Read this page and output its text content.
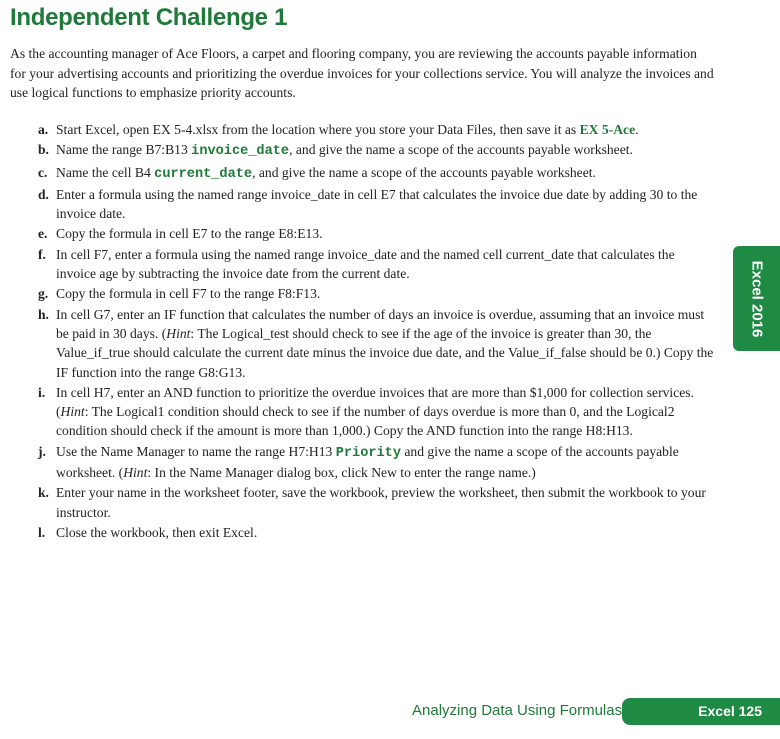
Independent Challenge 1

As the accounting manager of Ace Floors, a carpet and flooring company, you are reviewing the accounts payable information for your advertising accounts and prioritizing the overdue invoices for your collections service. You will analyze the invoices and use logical functions to emphasize priority accounts.

a. Start Excel, open EX 5-4.xlsx from the location where you store your Data Files, then save it as EX 5-Ace.
b. Name the range B7:B13 invoice_date, and give the name a scope of the accounts payable worksheet.
c. Name the cell B4 current_date, and give the name a scope of the accounts payable worksheet.
d. Enter a formula using the named range invoice_date in cell E7 that calculates the invoice due date by adding 30 to the invoice date.
e. Copy the formula in cell E7 to the range E8:E13.
f. In cell F7, enter a formula using the named range invoice_date and the named cell current_date that calculates the invoice age by subtracting the invoice date from the current date.
g. Copy the formula in cell F7 to the range F8:F13.
h. In cell G7, enter an IF function that calculates the number of days an invoice is overdue, assuming that an invoice must be paid in 30 days. (Hint: The Logical_test should check to see if the age of the invoice is greater than 30, the Value_if_true should calculate the current date minus the invoice due date, and the Value_if_false should be 0.) Copy the IF function into the range G8:G13.
i. In cell H7, enter an AND function to prioritize the overdue invoices that are more than $1,000 for collection services. (Hint: The Logical1 condition should check to see if the number of days overdue is more than 0, and the Logical2 condition should check if the amount is more than 1,000.) Copy the AND function into the range H8:H13.
j. Use the Name Manager to name the range H7:H13 Priority and give the name a scope of the accounts payable worksheet. (Hint: In the Name Manager dialog box, click New to enter the range name.)
k. Enter your name in the worksheet footer, save the workbook, preview the worksheet, then submit the workbook to your instructor.
l. Close the workbook, then exit Excel.
Excel 2016
Analyzing Data Using Formulas	Excel 125
